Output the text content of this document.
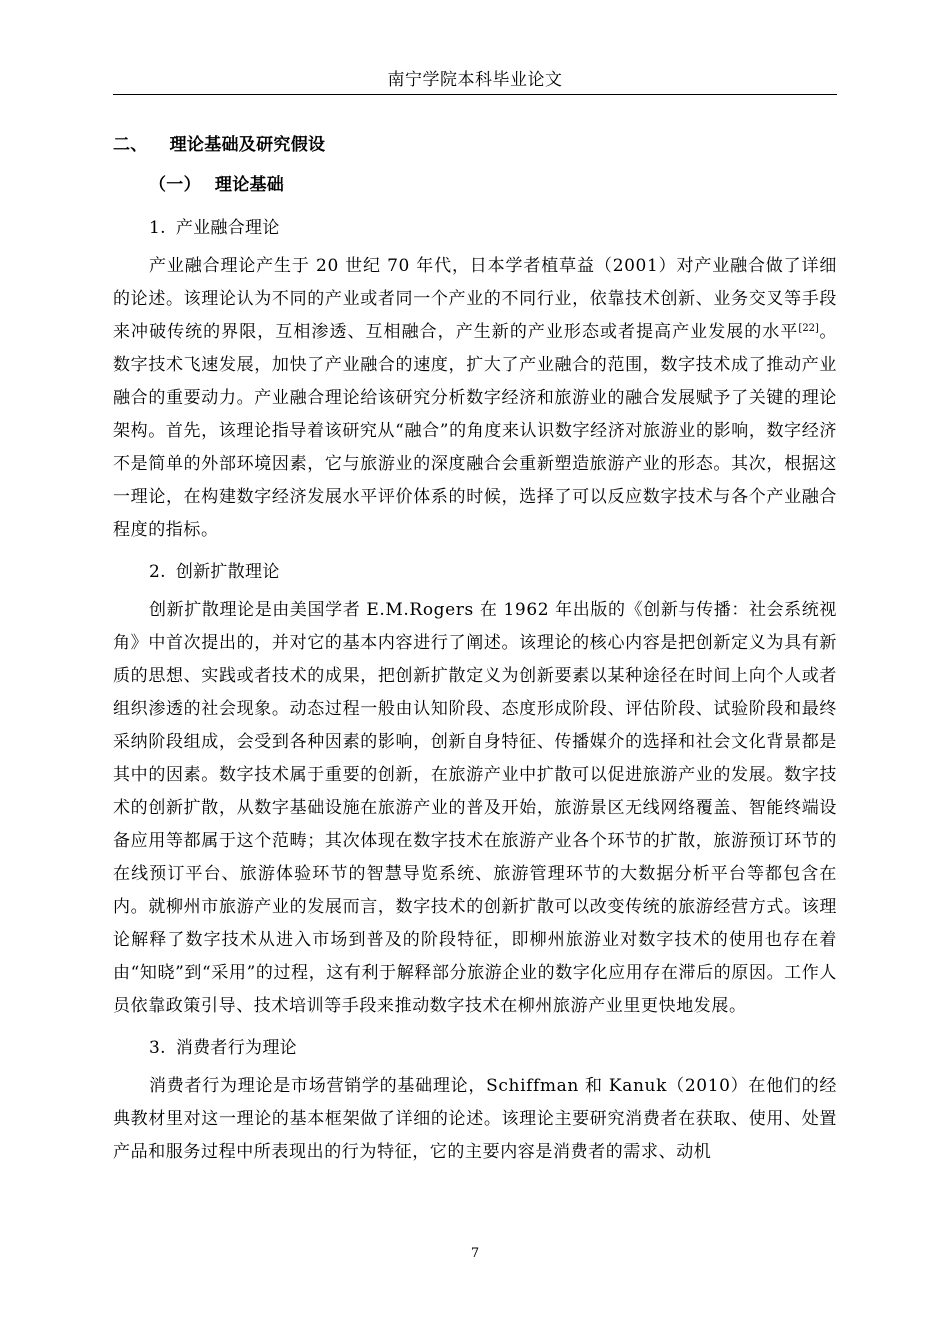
南宁学院本科毕业论文
二、 理论基础及研究假设
（一） 理论基础
1. 产业融合理论

产业融合理论产生于 20 世纪 70 年代，日本学者植草益（2001）对产业融合做了详细的论述。该理论认为不同的产业或者同一个产业的不同行业，依靠技术创新、业务交叉等手段来冲破传统的界限，互相渗透、互相融合，产生新的产业形态或者提高产业发展的水平[22]。数字技术飞速发展，加快了产业融合的速度，扩大了产业融合的范围，数字技术成了推动产业融合的重要动力。产业融合理论给该研究分析数字经济和旅游业的融合发展赋予了关键的理论架构。首先，该理论指导着该研究从“融合”的角度来认识数字经济对旅游业的影响，数字经济不是简单的外部环境因素，它与旅游业的深度融合会重新塑造旅游产业的形态。其次，根据这一理论，在构建数字经济发展水平评价体系的时候，选择了可以反应数字技术与各个产业融合程度的指标。

2. 创新扩散理论

创新扩散理论是由美国学者 E.M.Rogers 在 1962 年出版的《创新与传播：社会系统视角》中首次提出的，并对它的基本内容进行了阐述。该理论的核心内容是把创新定义为具有新质的思想、实践或者技术的成果，把创新扩散定义为创新要素以某种途径在时间上向个人或者组织渗透的社会现象。动态过程一般由认知阶段、态度形成阶段、评估阶段、试验阶段和最终采纳阶段组成，会受到各种因素的影响，创新自身特征、传播媒介的选择和社会文化背景都是其中的因素。数字技术属于重要的创新，在旅游产业中扩散可以促进旅游产业的发展。数字技术的创新扩散，从数字基础设施在旅游产业的普及开始，旅游景区无线网络覆盖、智能终端设备应用等都属于这个范畴；其次体现在数字技术在旅游产业各个环节的扩散，旅游预订环节的在线预订平台、旅游体验环节的智慧导览系统、旅游管理环节的大数据分析平台等都包含在内。就柳州市旅游产业的发展而言，数字技术的创新扩散可以改变传统的旅游经营方式。该理论解释了数字技术从进入市场到普及的阶段特征，即柳州旅游业对数字技术的使用也存在着由“知晓”到“采用”的过程，这有利于解释部分旅游企业的数字化应用存在滞后的原因。工作人员依靠政策引导、技术培训等手段来推动数字技术在柳州旅游产业里更快地发展。

3. 消费者行为理论

消费者行为理论是市场营销学的基础理论，Schiffman 和 Kanuk（2010）在他们的经典教材里对这一理论的基本框架做了详细的论述。该理论主要研究消费者在获取、使用、处置产品和服务过程中所表现出的行为特征，它的主要内容是消费者的需求、动机

7
